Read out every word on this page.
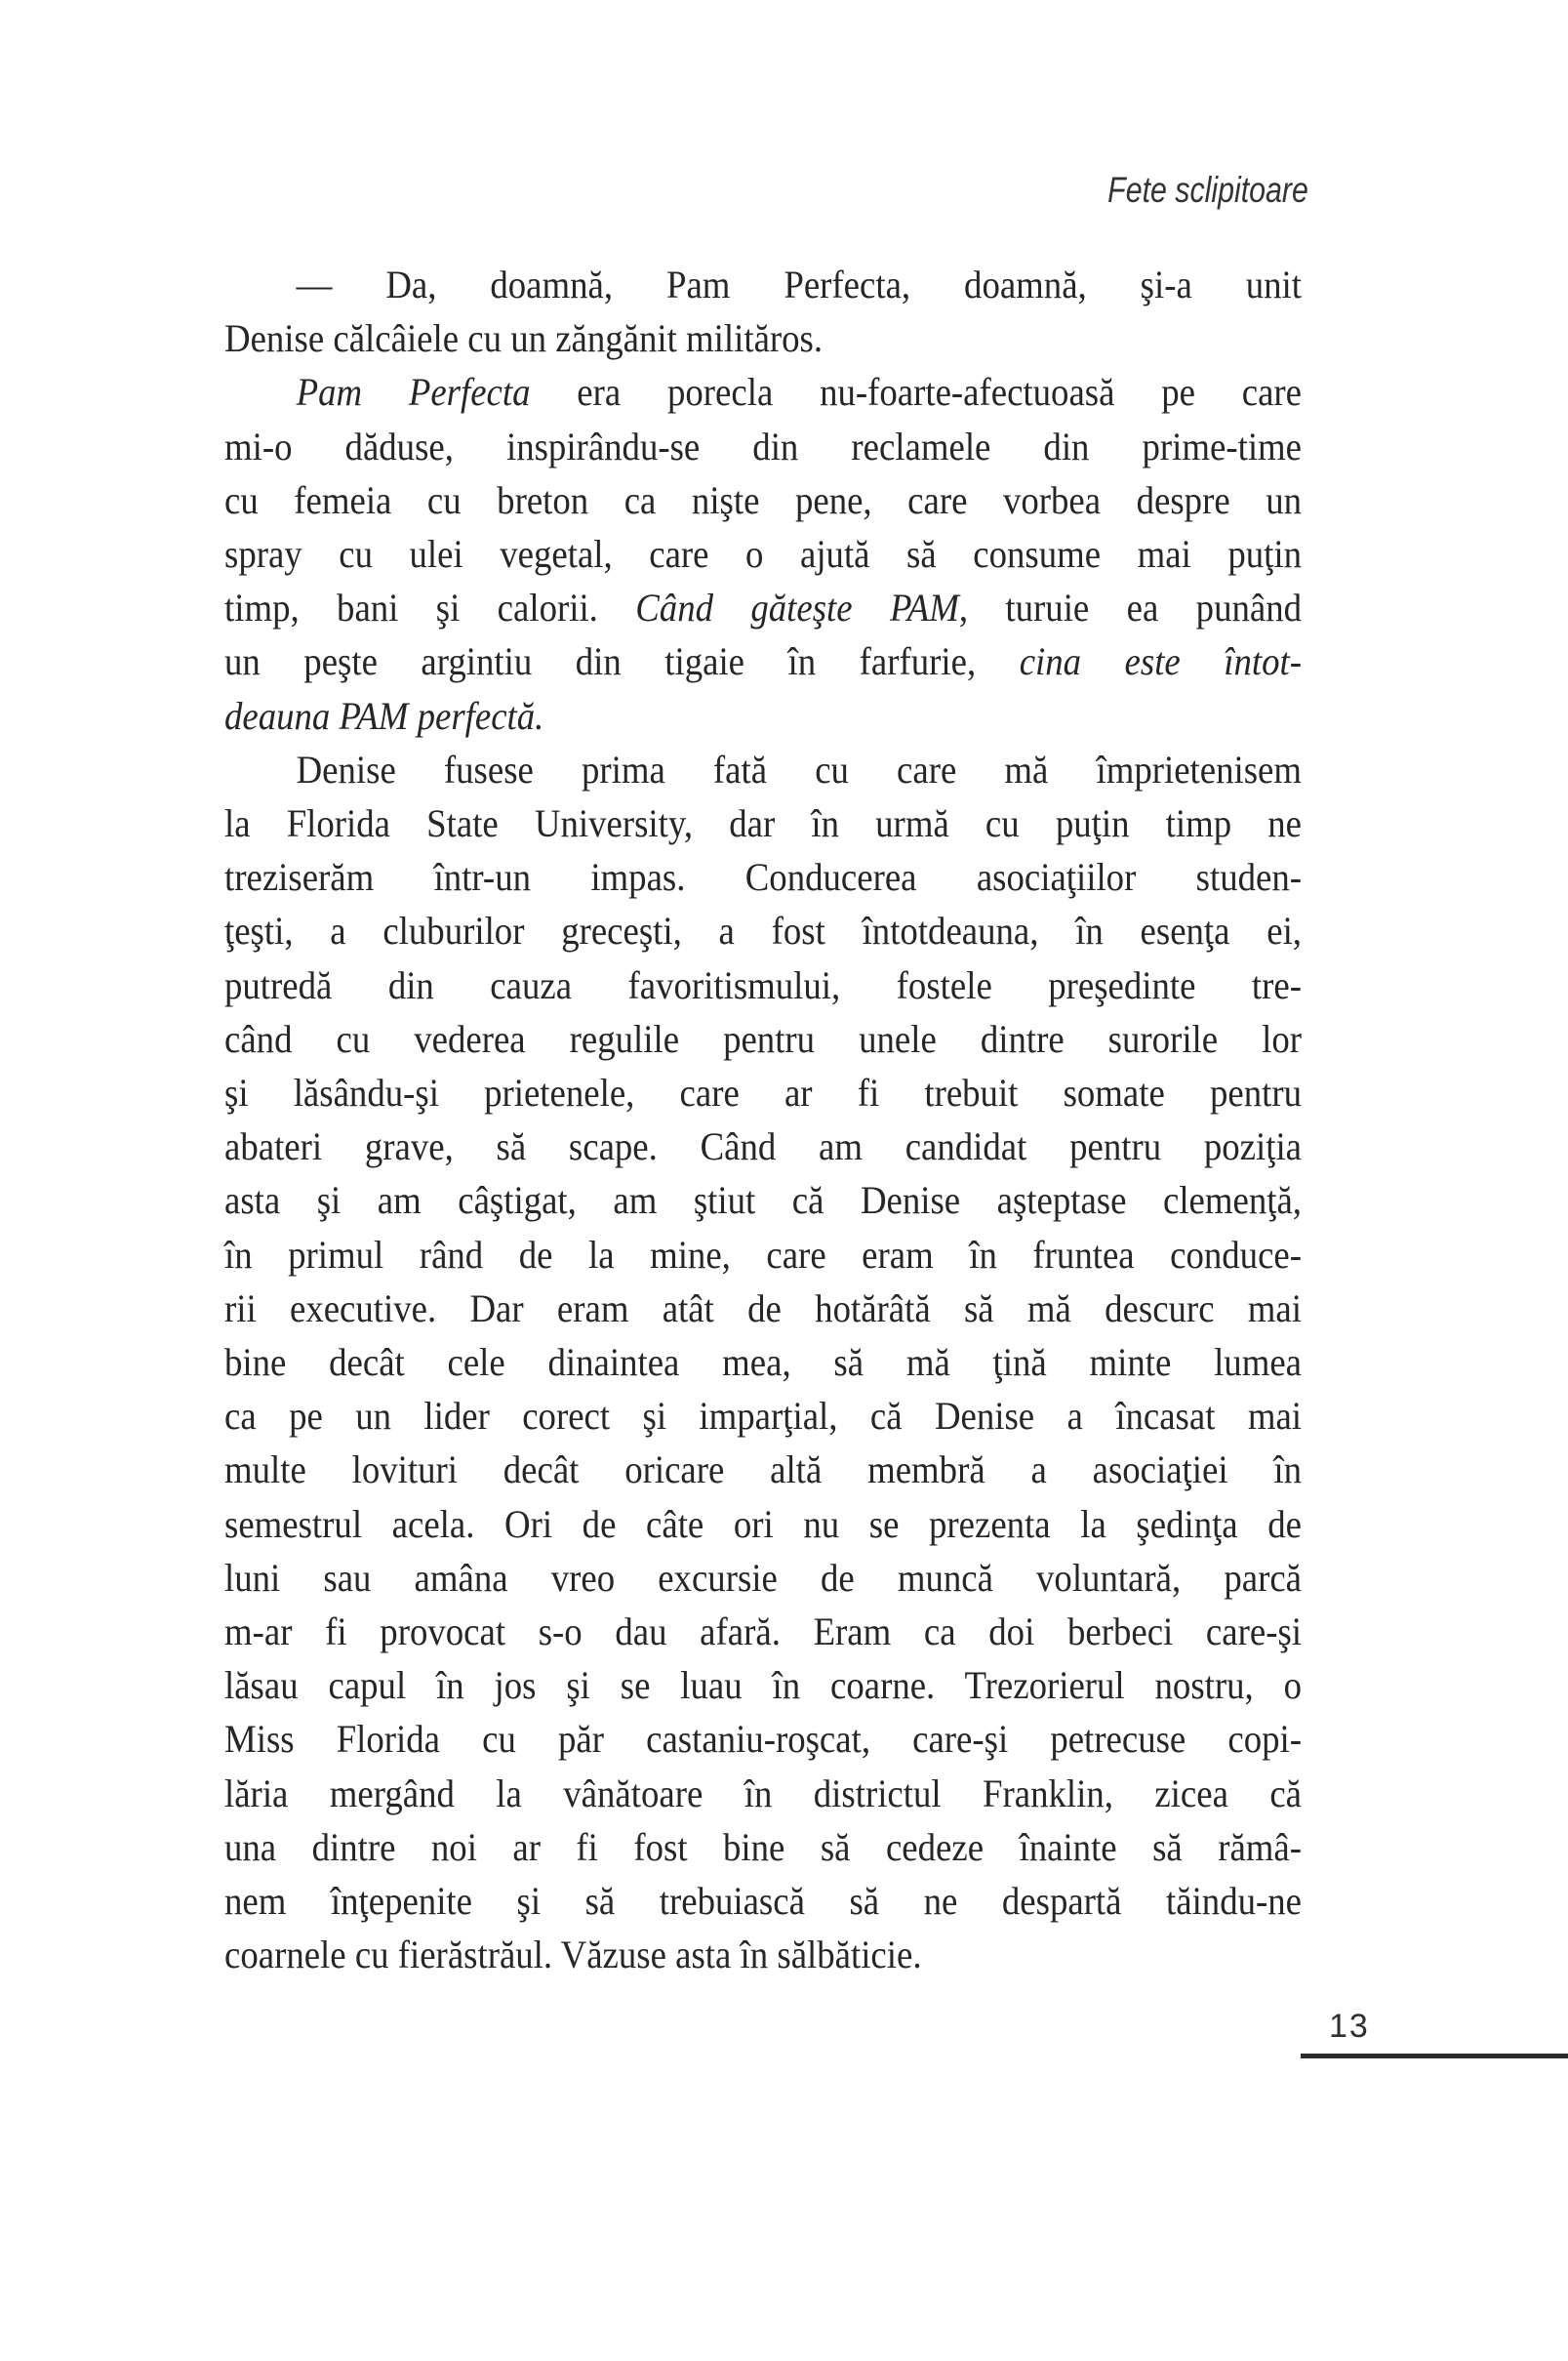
Fete sclipitoare
— Da, doamnă, Pam Perfecta, doamnă, şi-a unit
Denise călcâiele cu un zăngănit milităros.
Pam Perfecta era porecla nu-foarte-afectuoasă pe care
mi-o dăduse, inspirându-se din reclamele din prime-time
cu femeia cu breton ca nişte pene, care vorbea despre un
spray cu ulei vegetal, care o ajută să consume mai puţin
timp, bani şi calorii. Când găteşte PAM, turuie ea punând
un peşte argintiu din tigaie în farfurie, cina este întot-
deauna PAM perfectă.
Denise fusese prima fată cu care mă împrietenisem
la Florida State University, dar în urmă cu puţin timp ne
treziserăm într-un impas. Conducerea asociaţiilor studen-
ţeşti, a cluburilor greceşti, a fost întotdeauna, în esenţa ei,
putredă din cauza favoritismului, fostele preşedinte tre-
când cu vederea regulile pentru unele dintre surorile lor
şi lăsându-şi prietenele, care ar fi trebuit somate pentru
abateri grave, să scape. Când am candidat pentru poziţia
asta şi am câştigat, am ştiut că Denise aşteptase clemenţă,
în primul rând de la mine, care eram în fruntea conduce-
rii executive. Dar eram atât de hotărâtă să mă descurc mai
bine decât cele dinaintea mea, să mă ţină minte lumea
ca pe un lider corect şi imparţial, că Denise a încasat mai
multe lovituri decât oricare altă membră a asociaţiei în
semestrul acela. Ori de câte ori nu se prezenta la şedinţa de
luni sau amâna vreo excursie de muncă voluntară, parcă
m-ar fi provocat s-o dau afară. Eram ca doi berbeci care-şi
lăsau capul în jos şi se luau în coarne. Trezorierul nostru, o
Miss Florida cu păr castaniu-roşcat, care-şi petrecuse copi-
lăria mergând la vânătoare în districtul Franklin, zicea că
una dintre noi ar fi fost bine să cedeze înainte să rămâ-
nem înţepenite şi să trebuiască să ne despartă tăindu-ne
coarnele cu fierăstrăul. Văzuse asta în sălbăticie.
13
